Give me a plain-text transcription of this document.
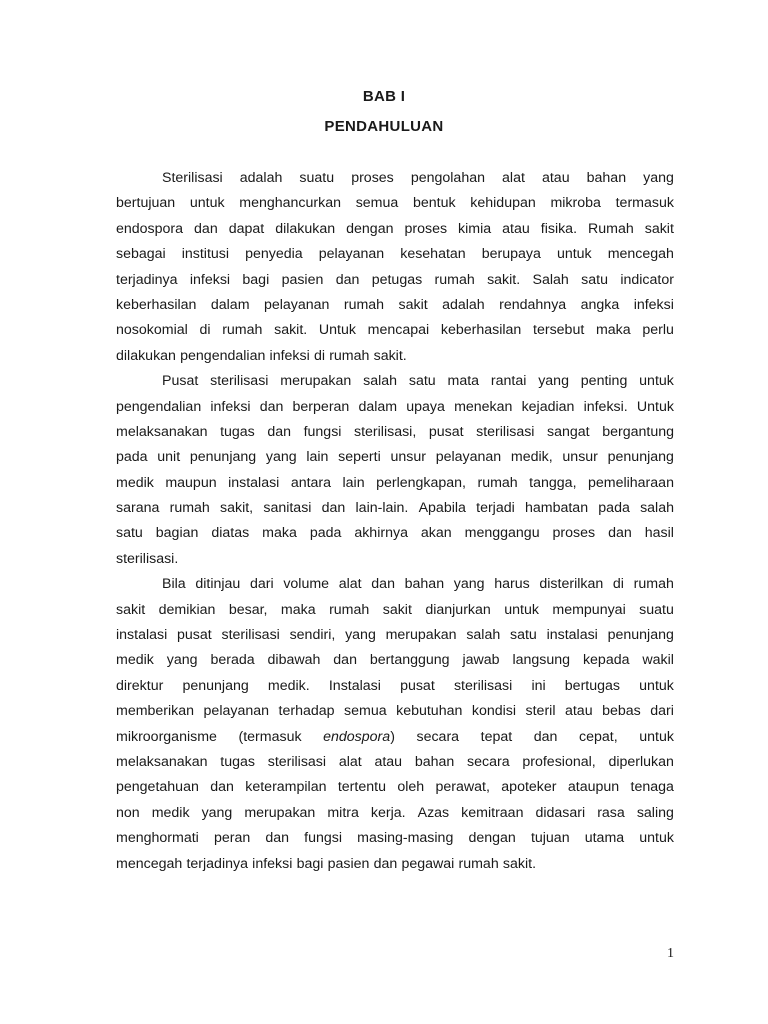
BAB I
PENDAHULUAN
Sterilisasi adalah suatu proses pengolahan alat atau bahan yang
bertujuan untuk menghancurkan semua bentuk kehidupan mikroba termasuk
endospora dan dapat dilakukan dengan proses kimia atau fisika. Rumah sakit
sebagai institusi penyedia pelayanan kesehatan berupaya untuk mencegah
terjadinya infeksi bagi pasien dan petugas rumah sakit. Salah satu indicator
keberhasilan dalam pelayanan rumah sakit adalah rendahnya angka infeksi
nosokomial di rumah sakit. Untuk mencapai keberhasilan tersebut maka perlu
dilakukan pengendalian infeksi di rumah sakit.
Pusat sterilisasi merupakan salah satu mata rantai yang penting untuk
pengendalian infeksi dan berperan dalam upaya menekan kejadian infeksi. Untuk
melaksanakan tugas dan fungsi sterilisasi, pusat sterilisasi sangat bergantung
pada unit penunjang yang lain seperti unsur pelayanan medik, unsur penunjang
medik maupun instalasi antara lain perlengkapan, rumah tangga, pemeliharaan
sarana rumah sakit, sanitasi dan lain-lain. Apabila terjadi hambatan pada salah
satu bagian diatas maka pada akhirnya akan menggangu proses dan hasil
sterilisasi.
Bila ditinjau dari volume alat dan bahan yang harus disterilkan di rumah
sakit demikian besar, maka rumah sakit dianjurkan untuk mempunyai suatu
instalasi pusat sterilisasi sendiri, yang merupakan salah satu instalasi penunjang
medik yang berada dibawah dan bertanggung jawab langsung kepada wakil
direktur penunjang medik. Instalasi pusat sterilisasi ini bertugas untuk
memberikan pelayanan terhadap semua kebutuhan kondisi steril atau bebas dari
mikroorganisme (termasuk endospora) secara tepat dan cepat, untuk
melaksanakan tugas sterilisasi alat atau bahan secara profesional, diperlukan
pengetahuan dan keterampilan tertentu oleh perawat, apoteker ataupun tenaga
non medik yang merupakan mitra kerja. Azas kemitraan didasari rasa saling
menghormati peran dan fungsi masing-masing dengan tujuan utama untuk
mencegah terjadinya infeksi bagi pasien dan pegawai rumah sakit.
1
